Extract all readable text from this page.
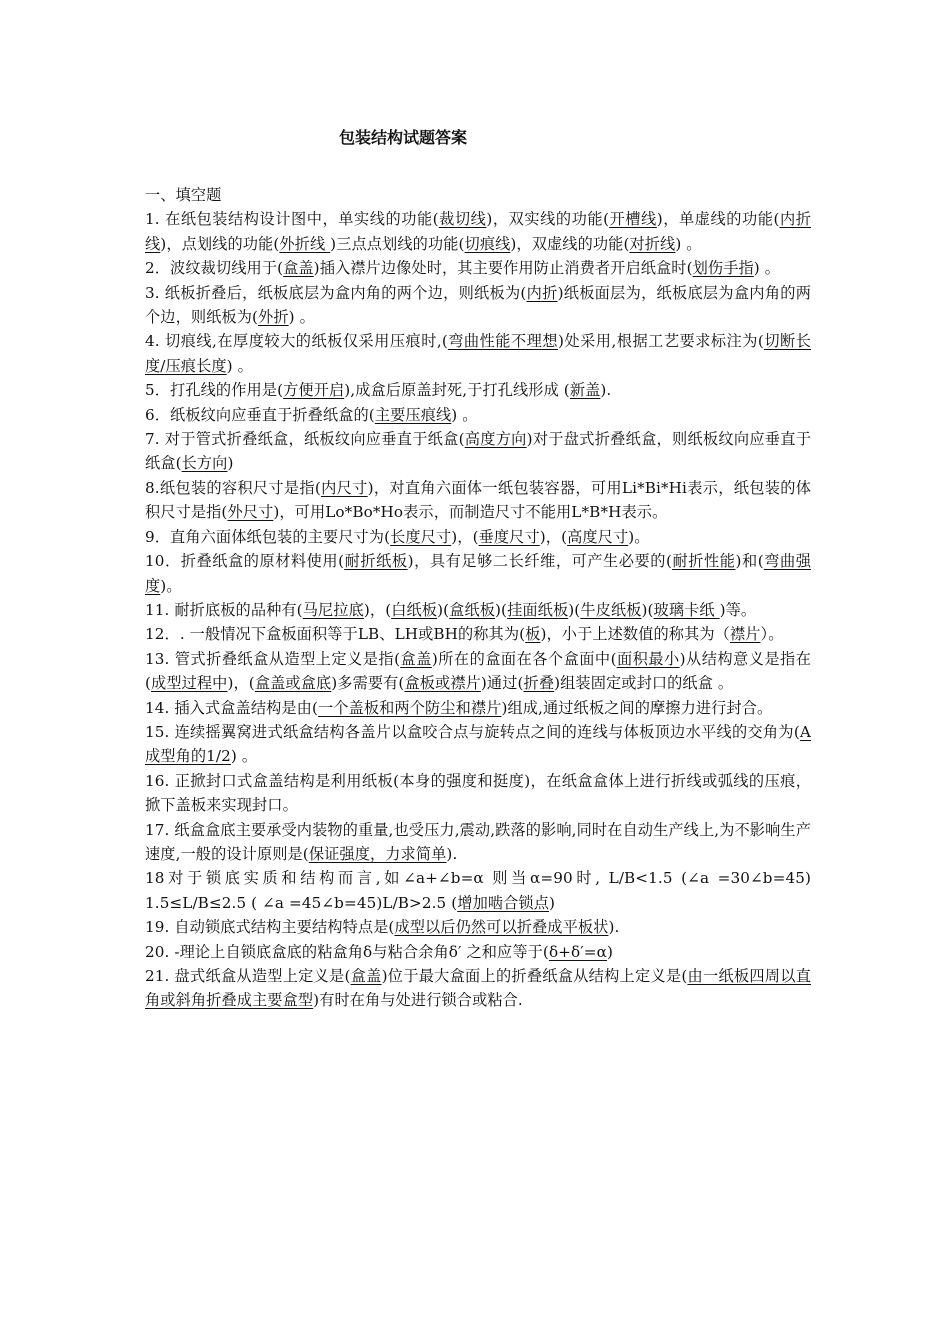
包装结构试题答案
一、填空题
1. 在纸包装结构设计图中，单实线的功能(裁切线)，双实线的功能(开槽线)，单虚线的功能(内折线)，点划线的功能(外折线 )三点点划线的功能(切痕线)，双虚线的功能(对折线) 。
2．波纹裁切线用于(盒盖)插入襟片边像处时，其主要作用防止消费者开启纸盒时(划伤手指) 。
3. 纸板折叠后，纸板底层为盒内角的两个边，则纸板为(内折)纸板面层为，纸板底层为盒内角的两个边，则纸板为(外折) 。
4. 切痕线,在厚度较大的纸板仅采用压痕时,(弯曲性能不理想)处采用,根据工艺要求标注为(切断长度/压痕长度) 。
5．打孔线的作用是(方便开启),成盒后原盖封死,于打孔线形成 (新盖).
6．纸板纹向应垂直于折叠纸盒的(主要压痕线) 。
7. 对于管式折叠纸盒，纸板纹向应垂直于纸盒(高度方向)对于盘式折叠纸盒，则纸板纹向应垂直于纸盒(长方向)
8.纸包装的容积尺寸是指(内尺寸)，对直角六面体一纸包装容器，可用Li*Bi*Hi表示，纸包装的体积尺寸是指(外尺寸)，可用Lo*Bo*Ho表示，而制造尺寸不能用L*B*H表示。
9．直角六面体纸包装的主要尺寸为(长度尺寸)，(垂度尺寸)，(高度尺寸)。
10．折叠纸盒的原材料使用(耐折纸板)，具有足够二长纤维，可产生必要的(耐折性能)和(弯曲强度)。
11. 耐折底板的品种有(马尼拉底)，(白纸板)(盒纸板)(挂面纸板)(牛皮纸板)(玻璃卡纸 )等。
12．. 一般情况下盒板面积等于LB、LH或BH的称其为(板)，小于上述数值的称其为（襟片）。
13. 管式折叠纸盒从造型上定义是指(盒盖)所在的盒面在各个盒面中(面积最小)从结构意义是指在(成型过程中)，(盒盖或盒底)多需要有(盒板或襟片)通过(折叠)组装固定或封口的纸盒 。
14. 插入式盒盖结构是由(一个盖板和两个防尘和襟片)组成,通过纸板之间的摩擦力进行封合。
15. 连续摇翼窝进式纸盒结构各盖片以盒咬合点与旋转点之间的连线与体板顶边水平线的交角为(A成型角的1/2) 。
16. 正掀封口式盒盖结构是利用纸板(本身的强度和挺度)，在纸盒盒体上进行折线或弧线的压痕，掀下盖板来实现封口。
17. 纸盒盒底主要承受内装物的重量,也受压力,震动,跌落的影响,同时在自动生产线上,为不影响生产速度,一般的设计原则是(保证强度，力求简单).
18对于锁底实质和结构而言,如∠a+∠b=α 则当α=90时, L/B<1.5 (∠a =30∠b=45) 1.5≤L/B≤2.5 ( ∠a =45∠b=45)L/B>2.5 (增加啮合锁点)
19. 自动锁底式结构主要结构特点是(成型以后仍然可以折叠成平板状).
20. -理论上自锁底盒底的粘盒角δ与粘合余角δ′ 之和应等于(δ+δ′=α)
21. 盘式纸盒从造型上定义是(盒盖)位于最大盒面上的折叠纸盒从结构上定义是(由一纸板四周以直角或斜角折叠成主要盒型)有时在角与处进行锁合或粘合.
